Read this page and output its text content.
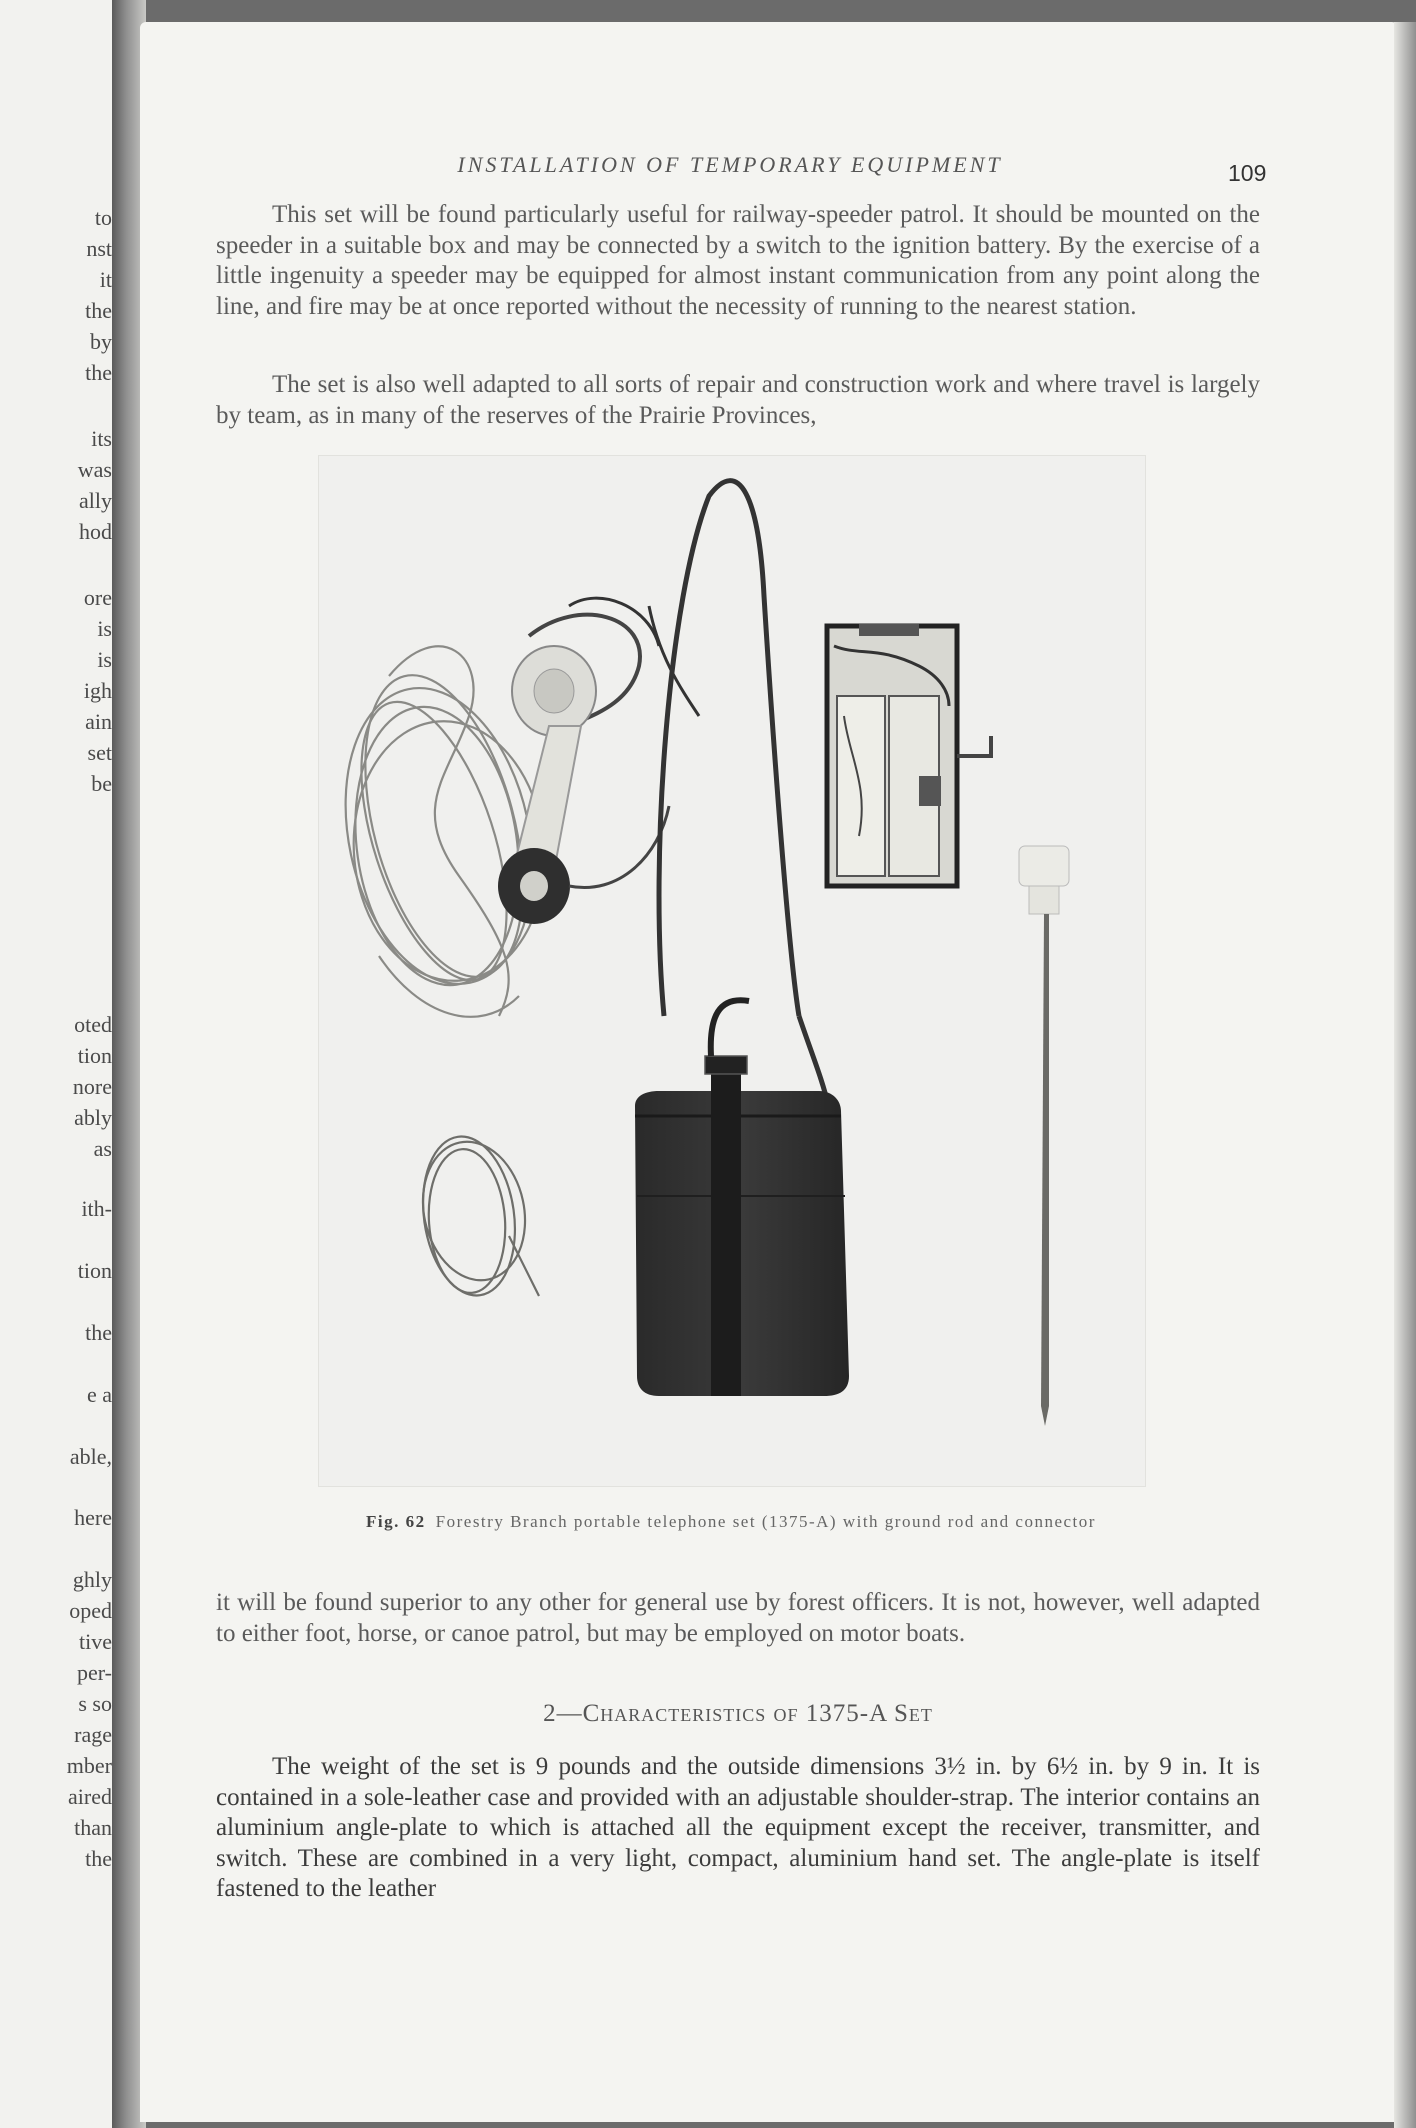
to
nst
it
the
by
the
its
was
ally
hod
ore
is
is
igh
ain
set
be
oted
tion
nore
ably
as
ith-
tion
the
e a
able,
here
ghly
oped
tive
per-
s so
rage
mber
aired
than
the
INSTALLATION OF TEMPORARY EQUIPMENT	109

This set will be found particularly useful for railway-speeder patrol. It should be mounted on the speeder in a suitable box and may be connected by a switch to the ignition battery. By the exercise of a little ingenuity a speeder may be equipped for almost instant communication from any point along the line, and fire may be at once reported without the necessity of running to the nearest station.

The set is also well adapted to all sorts of repair and construction work and where travel is largely by team, as in many of the reserves of the Prairie Provinces,

Fig. 62 Forestry Branch portable telephone set (1375-A) with ground rod and connector

it will be found superior to any other for general use by forest officers. It is not, however, well adapted to either foot, horse, or canoe patrol, but may be employed on motor boats.

2—Characteristics of 1375-A Set

The weight of the set is 9 pounds and the outside dimensions 3½ in. by 6½ in. by 9 in. It is contained in a sole-leather case and provided with an adjustable shoulder-strap. The interior contains an aluminium angle-plate to which is attached all the equipment except the receiver, transmitter, and switch. These are combined in a very light, compact, aluminium hand set. The angle-plate is itself fastened to the leather
